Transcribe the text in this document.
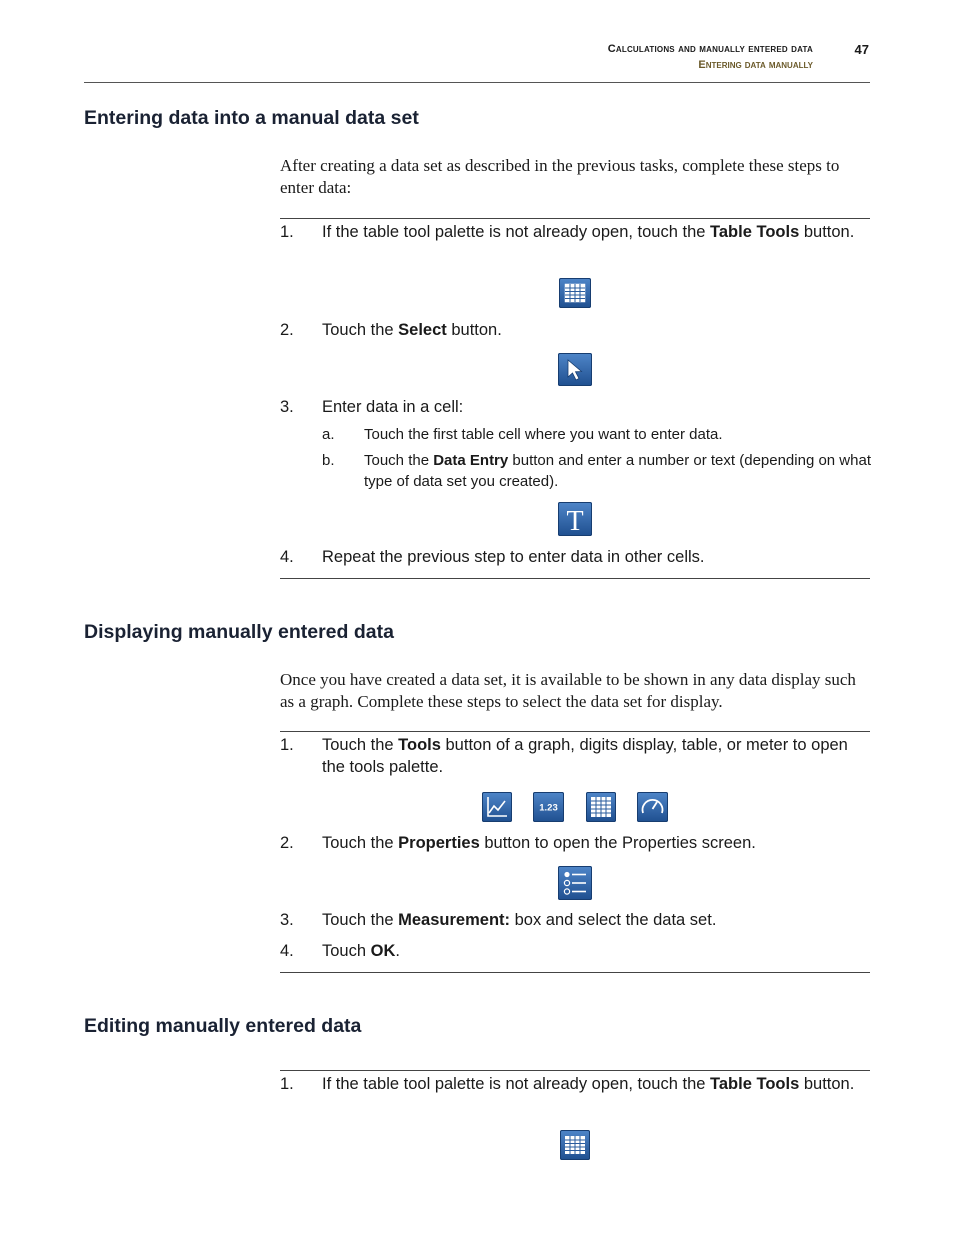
Calculations and manually entered data	47
Entering data manually
Entering data into a manual data set
After creating a data set as described in the previous tasks, complete these steps to enter data:
1.	If the table tool palette is not already open, touch the Table Tools button.
2.	Touch the Select button.
3.	Enter data in a cell:
a. Touch the first table cell where you want to enter data.
b. Touch the Data Entry button and enter a number or text (depending on what type of data set you created).
T
4.	Repeat the previous step to enter data in other cells.
Displaying manually entered data
Once you have created a data set, it is available to be shown in any data display such as a graph. Complete these steps to select the data set for display.
1.	Touch the Tools button of a graph, digits display, table, or meter to open the tools palette.
1.23
2.	Touch the Properties button to open the Properties screen.
3.	Touch the Measurement: box and select the data set.
4.	Touch OK.
Editing manually entered data
1.	If the table tool palette is not already open, touch the Table Tools button.
